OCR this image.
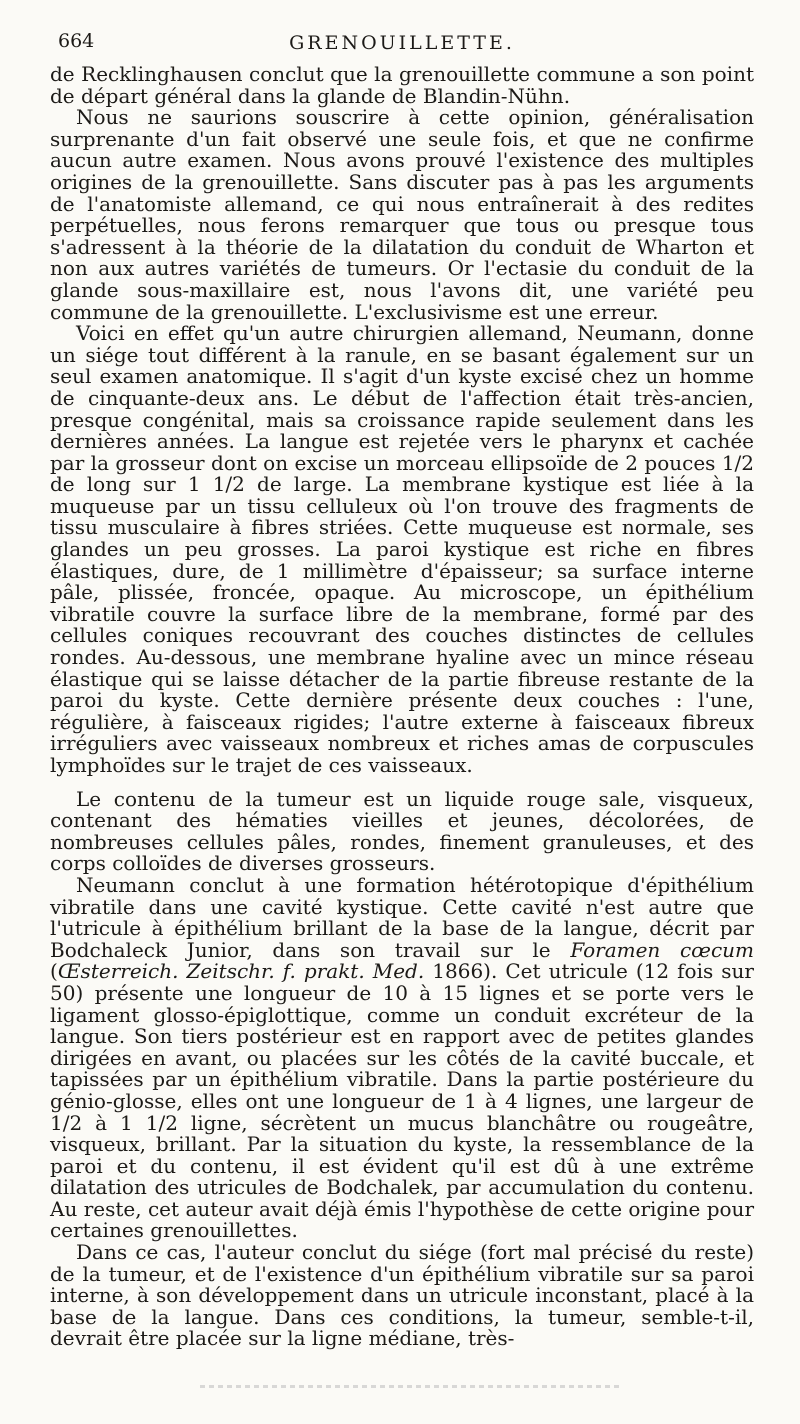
664	GRENOUILLETTE.

de Recklinghausen conclut que la grenouillette commune a son point de départ général dans la glande de Blandin-Nühn.

Nous ne saurions souscrire à cette opinion, généralisation surprenante d'un fait observé une seule fois, et que ne confirme aucun autre examen. Nous avons prouvé l'existence des multiples origines de la grenouillette. Sans discuter pas à pas les arguments de l'anatomiste allemand, ce qui nous entraînerait à des redites perpétuelles, nous ferons remarquer que tous ou presque tous s'adressent à la théorie de la dilatation du conduit de Wharton et non aux autres variétés de tumeurs. Or l'ectasie du conduit de la glande sous-maxillaire est, nous l'avons dit, une variété peu commune de la grenouillette. L'exclusivisme est une erreur.

Voici en effet qu'un autre chirurgien allemand, Neumann, donne un siége tout différent à la ranule, en se basant également sur un seul examen anatomique. Il s'agit d'un kyste excisé chez un homme de cinquante-deux ans. Le début de l'affection était très-ancien, presque congénital, mais sa croissance rapide seulement dans les dernières années. La langue est rejetée vers le pharynx et cachée par la grosseur dont on excise un morceau ellipsoïde de 2 pouces 1/2 de long sur 1 1/2 de large. La membrane kystique est liée à la muqueuse par un tissu celluleux où l'on trouve des fragments de tissu musculaire à fibres striées. Cette muqueuse est normale, ses glandes un peu grosses. La paroi kystique est riche en fibres élastiques, dure, de 1 millimètre d'épaisseur; sa surface interne pâle, plissée, froncée, opaque. Au microscope, un épithélium vibratile couvre la surface libre de la membrane, formé par des cellules coniques recouvrant des couches distinctes de cellules rondes. Au-dessous, une membrane hyaline avec un mince réseau élastique qui se laisse détacher de la partie fibreuse restante de la paroi du kyste. Cette dernière présente deux couches : l'une, régulière, à faisceaux rigides; l'autre externe à faisceaux fibreux irréguliers avec vaisseaux nombreux et riches amas de corpuscules lymphoïdes sur le trajet de ces vaisseaux.

Le contenu de la tumeur est un liquide rouge sale, visqueux, contenant des hématies vieilles et jeunes, décolorées, de nombreuses cellules pâles, rondes, finement granuleuses, et des corps colloïdes de diverses grosseurs.

Neumann conclut à une formation hétérotopique d'épithélium vibratile dans une cavité kystique. Cette cavité n'est autre que l'utricule à épithélium brillant de la base de la langue, décrit par Bodchaleck Junior, dans son travail sur le Foramen cœcum (Œsterreich. Zeitschr. f. prakt. Med. 1866). Cet utricule (12 fois sur 50) présente une longueur de 10 à 15 lignes et se porte vers le ligament glosso-épiglottique, comme un conduit excréteur de la langue. Son tiers postérieur est en rapport avec de petites glandes dirigées en avant, ou placées sur les côtés de la cavité buccale, et tapissées par un épithélium vibratile. Dans la partie postérieure du génio-glosse, elles ont une longueur de 1 à 4 lignes, une largeur de 1/2 à 1 1/2 ligne, sécrètent un mucus blanchâtre ou rougeâtre, visqueux, brillant. Par la situation du kyste, la ressemblance de la paroi et du contenu, il est évident qu'il est dû à une extrême dilatation des utricules de Bodchalek, par accumulation du contenu. Au reste, cet auteur avait déjà émis l'hypothèse de cette origine pour certaines grenouillettes.

Dans ce cas, l'auteur conclut du siége (fort mal précisé du reste) de la tumeur, et de l'existence d'un épithélium vibratile sur sa paroi interne, à son développement dans un utricule inconstant, placé à la base de la langue. Dans ces conditions, la tumeur, semble-t-il, devrait être placée sur la ligne médiane, très-
